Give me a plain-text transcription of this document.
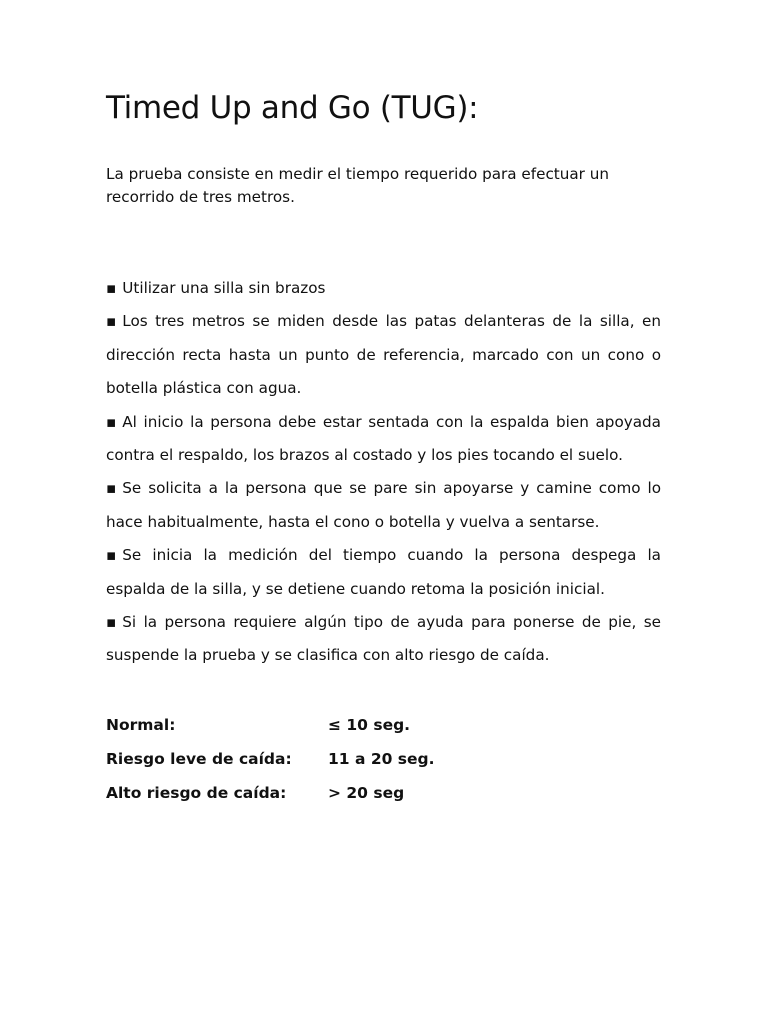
Timed Up and Go (TUG):

La prueba consiste en medir el tiempo requerido para efectuar un recorrido de tres metros.

▪ Utilizar una silla sin brazos
▪ Los tres metros se miden desde las patas delanteras de la silla, en dirección recta hasta un punto de referencia, marcado con un cono o botella plástica con agua.
▪ Al inicio la persona debe estar sentada con la espalda bien apoyada contra el respaldo, los brazos al costado y los pies tocando el suelo.
▪ Se solicita a la persona que se pare sin apoyarse y camine como lo hace habitualmente, hasta el cono o botella y vuelva a sentarse.
▪ Se inicia la medición del tiempo cuando la persona despega la espalda de la silla, y se detiene cuando retoma la posición inicial.
▪ Si la persona requiere algún tipo de ayuda para ponerse de pie, se suspende la prueba y se clasifica con alto riesgo de caída.
Normal:	≤ 10 seg.
Riesgo leve de caída:	11 a 20 seg.
Alto riesgo de caída:	> 20 seg
